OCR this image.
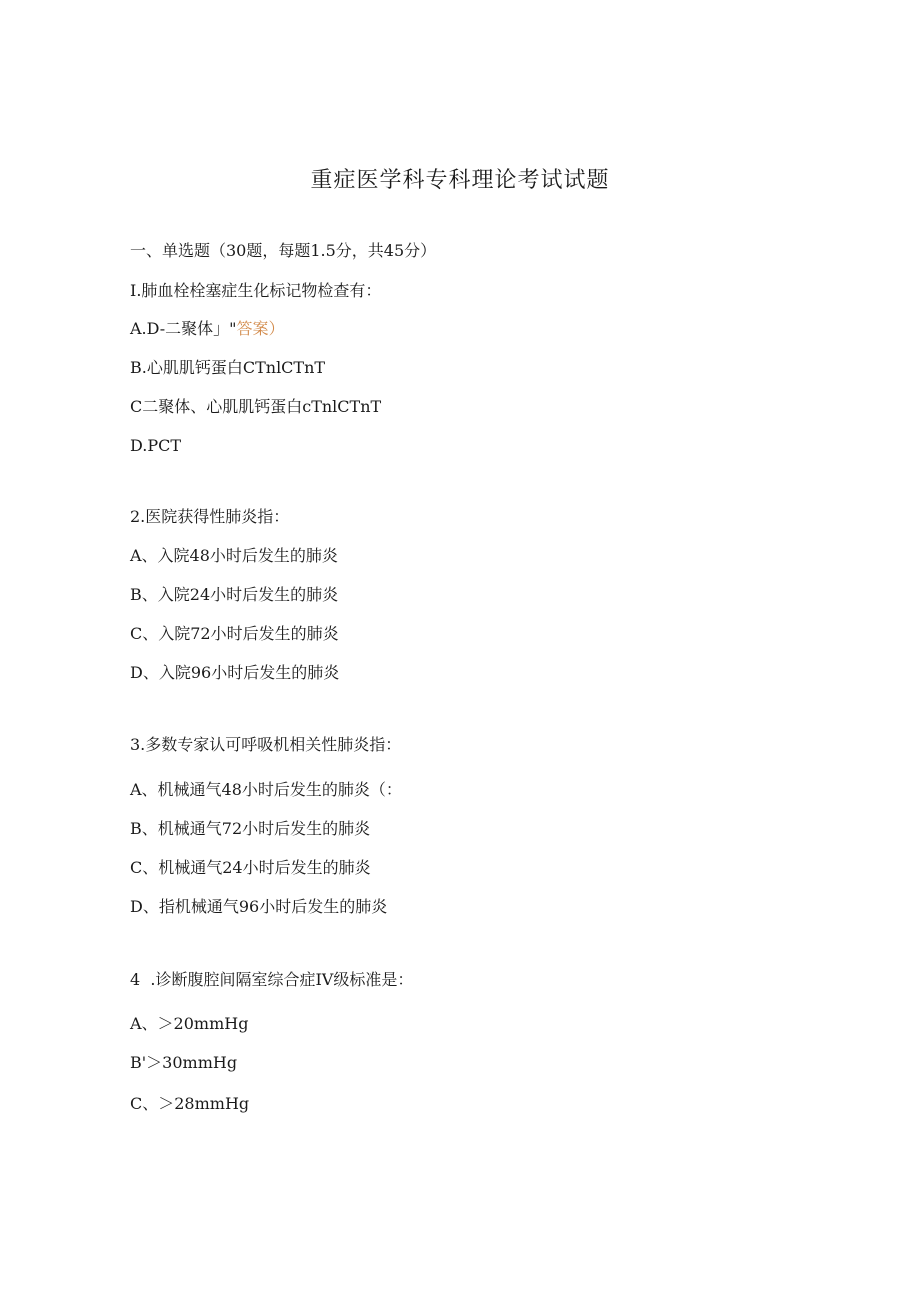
重症医学科专科理论考试试题
一、单选题（30题，每题1.5分，共45分）
I.肺血栓栓塞症生化标记物检查有：
A.D-二聚体」"答案）
B.心肌肌钙蛋白CTnlCTnT
C二聚体、心肌肌钙蛋白cTnlCTnT
D.PCT
2.医院获得性肺炎指：
A、入院48小时后发生的肺炎
B、入院24小时后发生的肺炎
C、入院72小时后发生的肺炎
D、入院96小时后发生的肺炎
3.多数专家认可呼吸机相关性肺炎指：
A、机械通气48小时后发生的肺炎（：
B、机械通气72小时后发生的肺炎
C、机械通气24小时后发生的肺炎
D、指机械通气96小时后发生的肺炎
4  .诊断腹腔间隔室综合症IV级标准是：
A、＞20mmHg
B'＞30mmHg
C、＞28mmHg
